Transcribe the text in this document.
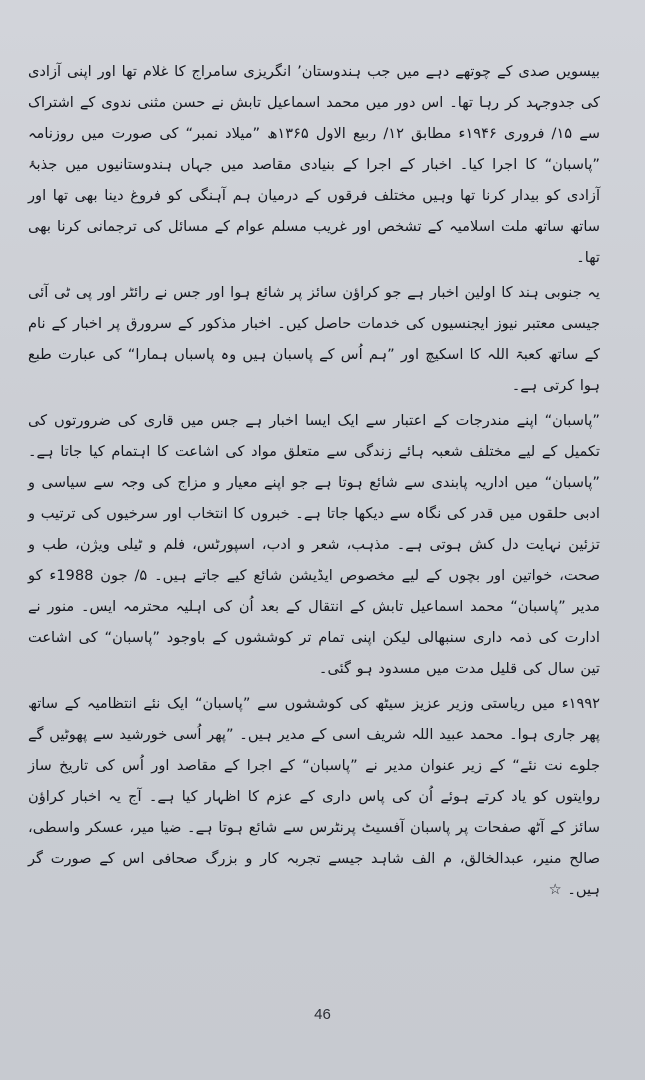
بیسویں صدی کے چوتھے دہے میں جب ہندوستان’ انگریزی سامراج کا غلام تھا اور اپنی آزادی کی جدوجہد کر رہا تھا۔ اس دور میں محمد اسماعیل تابش نے حسن مثنی ندوی کے اشتراک سے ۱۵/ فروری ۱۹۴۶ء مطابق ۱۲/ ربیع الاول ۱۳۶۵ھ ”میلاد نمبر“ کی صورت میں روزنامہ ”پاسبان“ کا اجرا کیا۔ اخبار کے اجرا کے بنیادی مقاصد میں جہاں ہندوستانیوں میں جذبۂ آزادی کو بیدار کرنا تھا وہیں مختلف فرقوں کے درمیان ہم آہنگی کو فروغ دینا بھی تھا اور ساتھ ساتھ ملت اسلامیہ کے تشخص اور غریب مسلم عوام کے مسائل کی ترجمانی کرنا بھی تھا۔

یہ جنوبی ہند کا اولین اخبار ہے جو کراؤن سائز پر شائع ہوا اور جس نے رائٹر اور پی ٹی آئی جیسی معتبر نیوز ایجنسیوں کی خدمات حاصل کیں۔ اخبار مذکور کے سرورق پر اخبار کے نام کے ساتھ کعبۃ اللہ کا اسکیچ اور ”ہم اُس کے پاسبان ہیں وہ پاسباں ہمارا“ کی عبارت طبع ہوا کرتی ہے۔

”پاسبان“ اپنے مندرجات کے اعتبار سے ایک ایسا اخبار ہے جس میں قاری کی ضرورتوں کی تکمیل کے لیے مختلف شعبہ ہائے زندگی سے متعلق مواد کی اشاعت کا اہتمام کیا جاتا ہے۔ ”پاسبان“ میں اداریہ پابندی سے شائع ہوتا ہے جو اپنے معیار و مزاج کی وجہ سے سیاسی و ادبی حلقوں میں قدر کی نگاہ سے دیکھا جاتا ہے۔ خبروں کا انتخاب اور سرخیوں کی ترتیب و تزئین نہایت دل کش ہوتی ہے۔ مذہب، شعر و ادب، اسپورٹس، فلم و ٹیلی ویژن، طب و صحت، خواتین اور بچوں کے لیے مخصوص ایڈیشن شائع کیے جاتے ہیں۔ ۵/ جون 1988ء کو مدیر ”پاسبان“ محمد اسماعیل تابش کے انتقال کے بعد اُن کی اہلیہ محترمہ ایس۔ منور نے ادارت کی ذمہ داری سنبھالی لیکن اپنی تمام تر کوششوں کے باوجود ”پاسبان“ کی اشاعت تین سال کی قلیل مدت میں مسدود ہو گئی۔

۱۹۹۲ء میں ریاستی وزیر عزیز سیٹھ کی کوششوں سے ”پاسبان“ ایک نئے انتظامیہ کے ساتھ پھر جاری ہوا۔ محمد عبید اللہ شریف اسی کے مدیر ہیں۔ ”پھر اُسی خورشید سے پھوٹیں گے جلوے نت نئے“ کے زیر عنوان مدیر نے ”پاسبان“ کے اجرا کے مقاصد اور اُس کی تاریخ ساز روایتوں کو یاد کرتے ہوئے اُن کی پاس داری کے عزم کا اظہار کیا ہے۔ آج یہ اخبار کراؤن سائز کے آٹھ صفحات پر پاسبان آفسیٹ پرنٹرس سے شائع ہوتا ہے۔ ضیا میر، عسکر واسطی، صالح منیر، عبدالخالق، م الف شاہد جیسے تجربہ کار و بزرگ صحافی اس کے صورت گر ہیں۔ ☆

46
